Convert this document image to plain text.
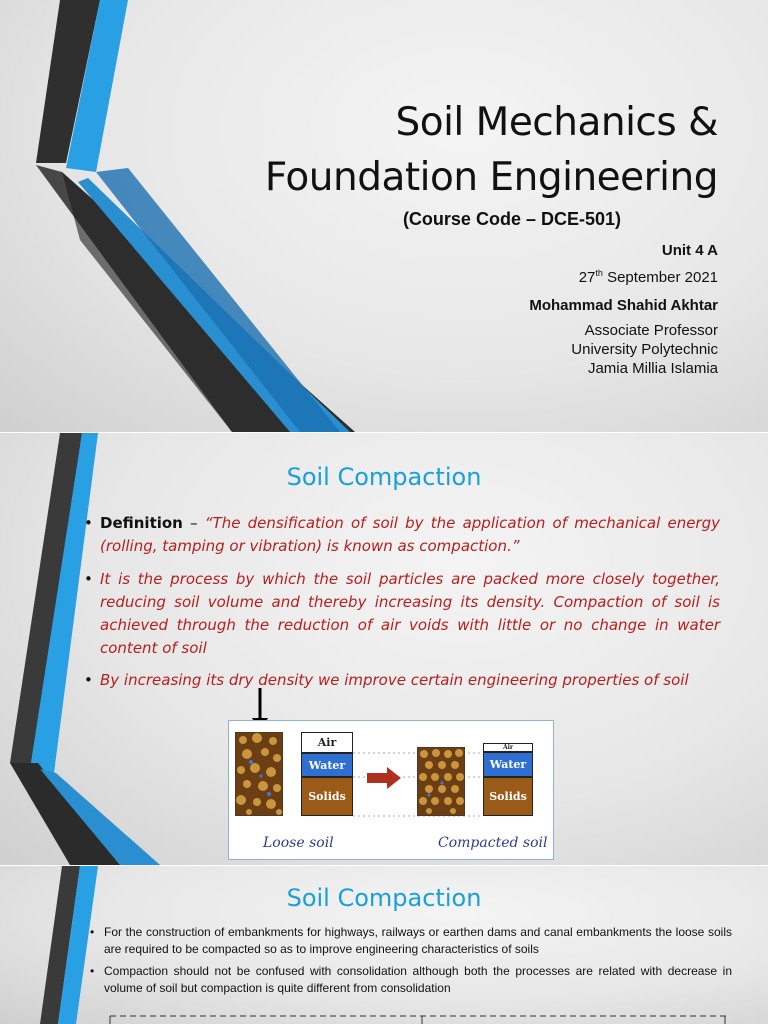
Soil Mechanics &
Foundation Engineering
(Course Code – DCE-501)
Unit 4 A
27th September 2021
Mohammad Shahid Akhtar
Associate Professor
University Polytechnic
Jamia Millia Islamia
Soil Compaction
• Definition – “The densification of soil by the application of mechanical energy (rolling, tamping or vibration) is known as compaction.”
• It is the process by which the soil particles are packed more closely together, reducing soil volume and thereby increasing its density. Compaction of soil is achieved through the reduction of air voids with little or no change in water content of soil
• By increasing its dry density we improve certain engineering properties of soil
Air
Water
Solids
Air
Water
Solids
Loose soil	Compacted soil
Soil Compaction
• For the construction of embankments for highways, railways or earthen dams and canal embankments the loose soils are required to be compacted so as to improve engineering characteristics of soils
• Compaction should not be confused with consolidation although both the processes are related with decrease in volume of soil but compaction is quite different from consolidation
